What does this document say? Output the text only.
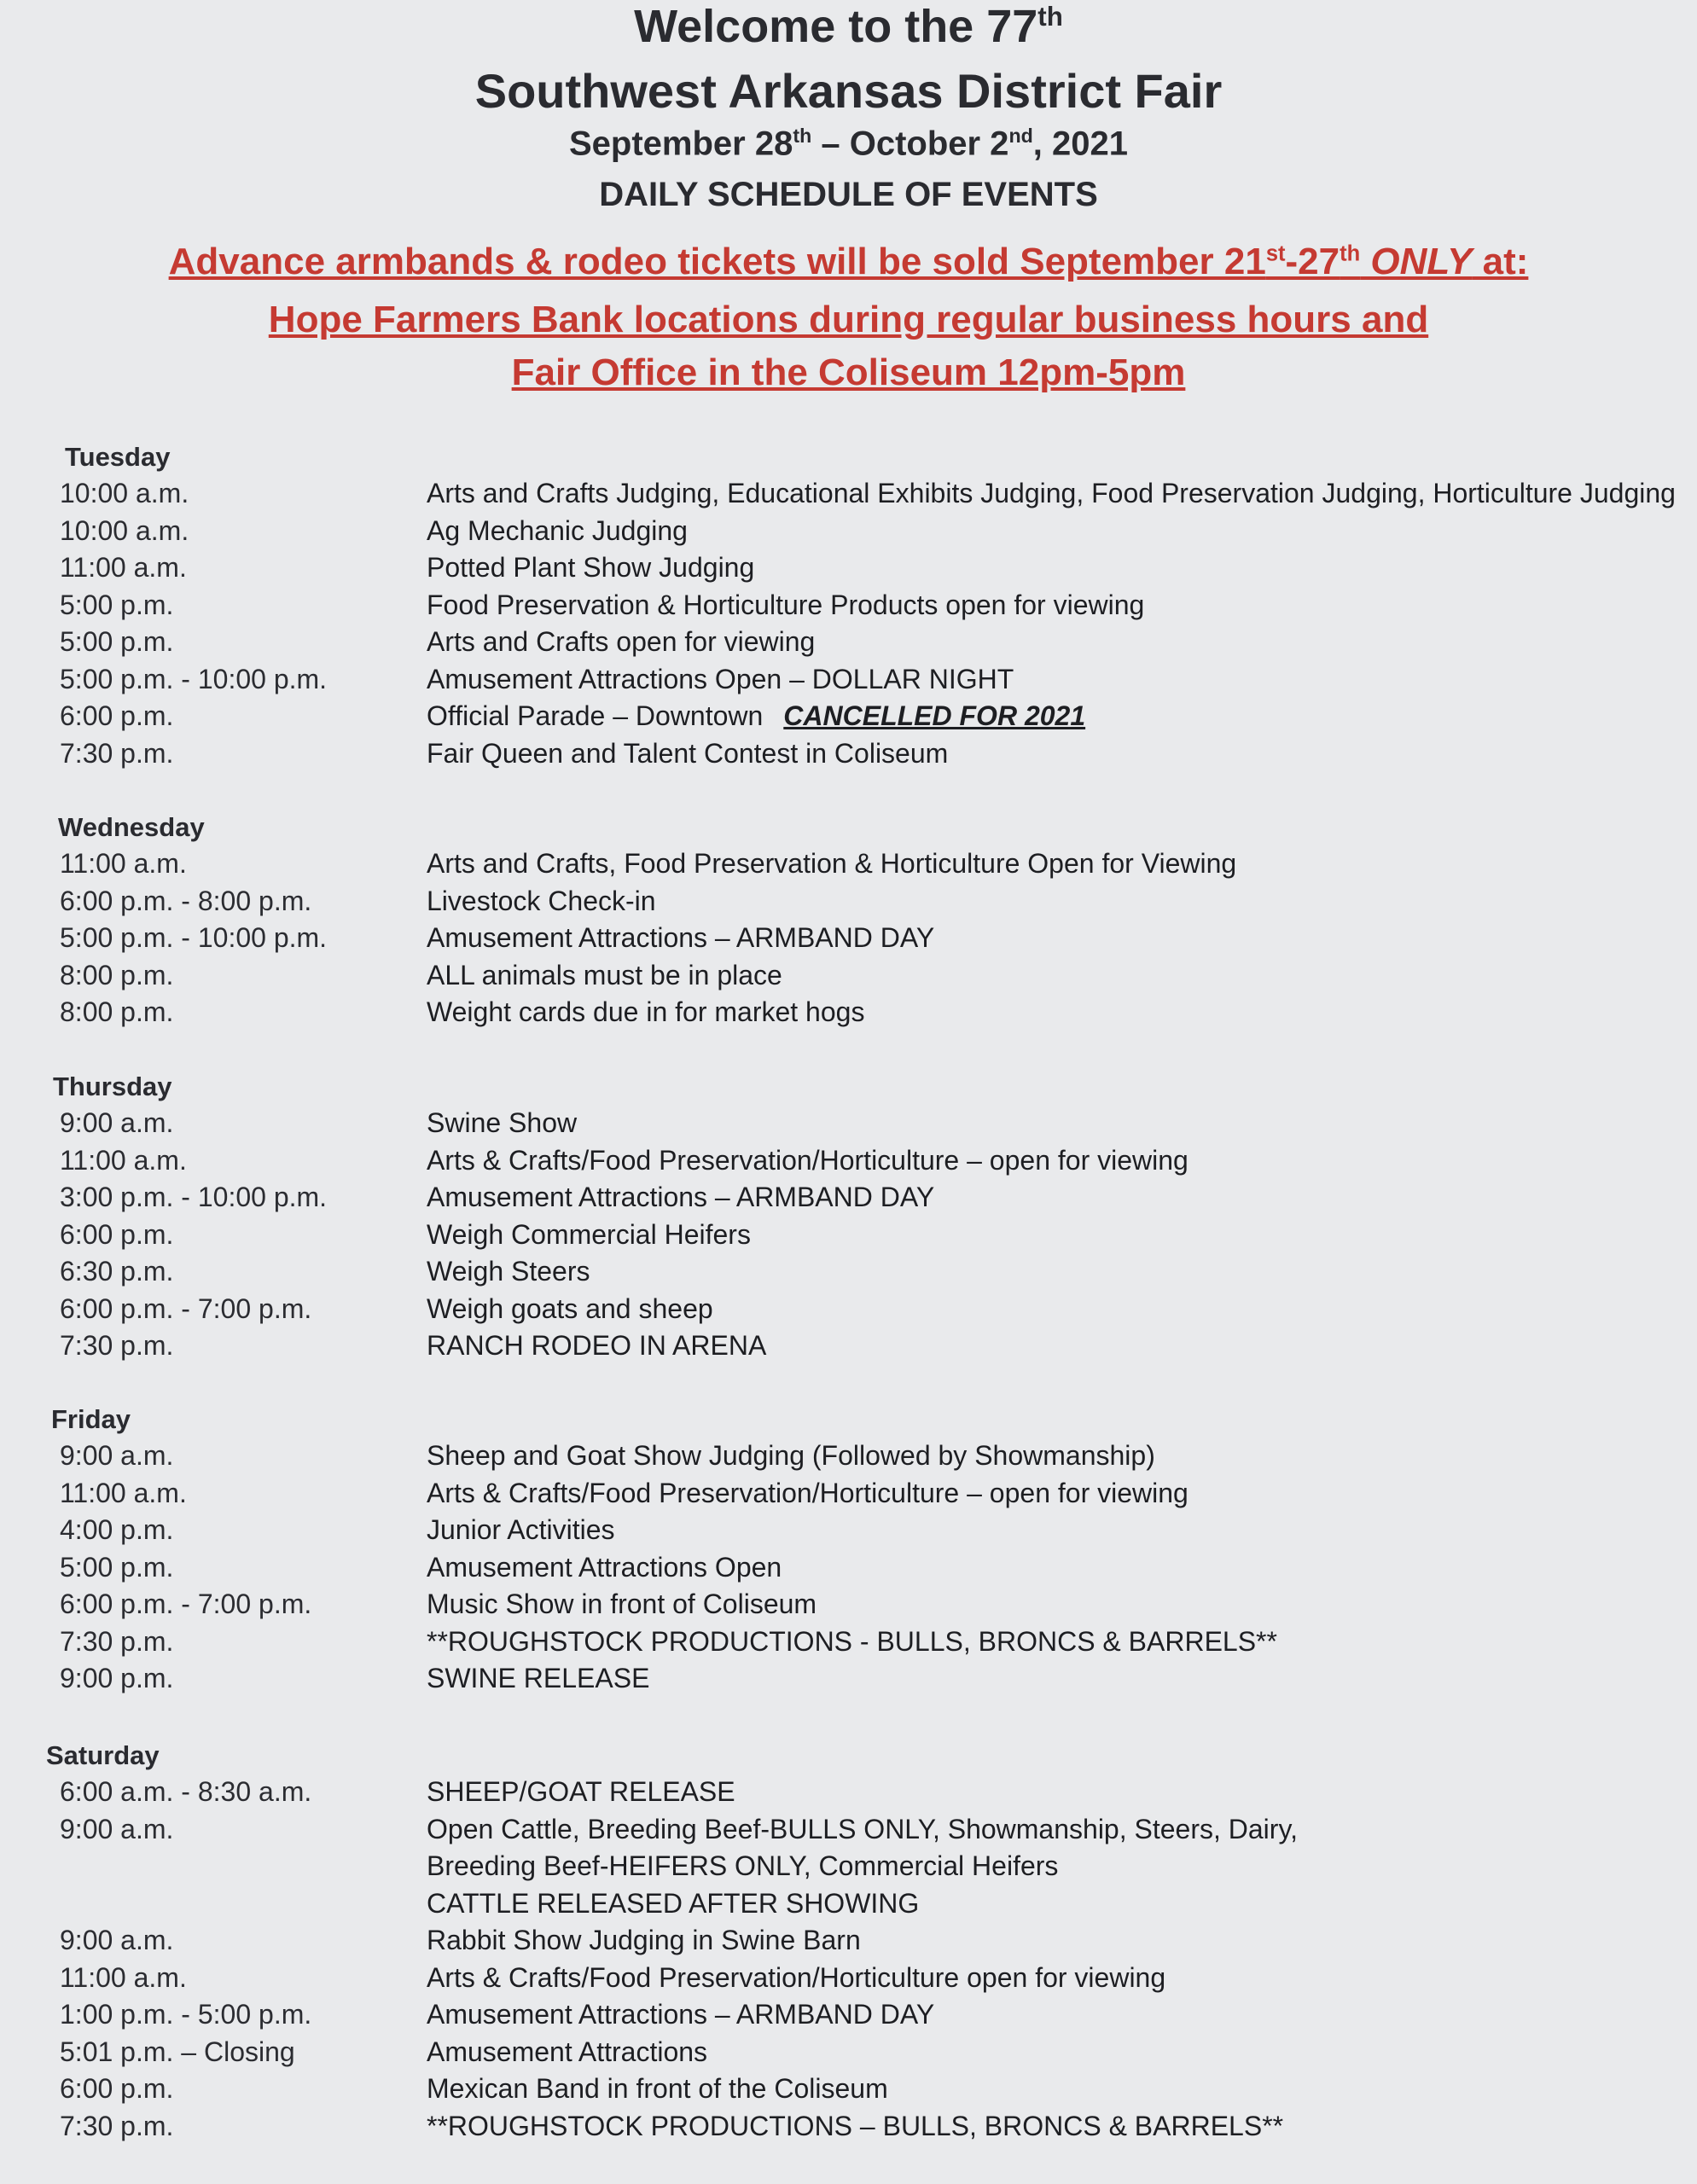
Welcome to the 77th
Southwest Arkansas District Fair
September 28th – October 2nd, 2021
DAILY SCHEDULE OF EVENTS
Advance armbands & rodeo tickets will be sold September 21st-27th ONLY at:
Hope Farmers Bank locations during regular business hours and
Fair Office in the Coliseum 12pm-5pm
Tuesday
10:00 a.m.	Arts and Crafts Judging, Educational Exhibits Judging, Food Preservation Judging, Horticulture Judging
10:00 a.m.	Ag Mechanic Judging
11:00 a.m.	Potted Plant Show Judging
5:00 p.m.	Food Preservation & Horticulture Products open for viewing
5:00 p.m.	Arts and Crafts open for viewing
5:00 p.m. - 10:00 p.m.	Amusement Attractions Open – DOLLAR NIGHT
6:00 p.m.	Official Parade – Downtown CANCELLED FOR 2021
7:30 p.m.	Fair Queen and Talent Contest in Coliseum
Wednesday
11:00 a.m.	Arts and Crafts, Food Preservation & Horticulture Open for Viewing
6:00 p.m. - 8:00 p.m.	Livestock Check-in
5:00 p.m. - 10:00 p.m.	Amusement Attractions – ARMBAND DAY
8:00 p.m.	ALL animals must be in place
8:00 p.m.	Weight cards due in for market hogs
Thursday
9:00 a.m.	Swine Show
11:00 a.m.	Arts & Crafts/Food Preservation/Horticulture – open for viewing
3:00 p.m. - 10:00 p.m.	Amusement Attractions – ARMBAND DAY
6:00 p.m.	Weigh Commercial Heifers
6:30 p.m.	Weigh Steers
6:00 p.m. - 7:00 p.m.	Weigh goats and sheep
7:30 p.m.	RANCH RODEO IN ARENA
Friday
9:00 a.m.	Sheep and Goat Show Judging (Followed by Showmanship)
11:00 a.m.	Arts & Crafts/Food Preservation/Horticulture – open for viewing
4:00 p.m.	Junior Activities
5:00 p.m.	Amusement Attractions Open
6:00 p.m. - 7:00 p.m.	Music Show in front of Coliseum
7:30 p.m.	**ROUGHSTOCK PRODUCTIONS - BULLS, BRONCS & BARRELS**
9:00 p.m.	SWINE RELEASE
Saturday
6:00 a.m. - 8:30 a.m.	SHEEP/GOAT RELEASE
9:00 a.m.	Open Cattle, Breeding Beef-BULLS ONLY, Showmanship, Steers, Dairy,
Breeding Beef-HEIFERS ONLY, Commercial Heifers
CATTLE RELEASED AFTER SHOWING
9:00 a.m.	Rabbit Show Judging in Swine Barn
11:00 a.m.	Arts & Crafts/Food Preservation/Horticulture open for viewing
1:00 p.m. - 5:00 p.m.	Amusement Attractions – ARMBAND DAY
5:01 p.m. – Closing	Amusement Attractions
6:00 p.m.	Mexican Band in front of the Coliseum
7:30 p.m.	**ROUGHSTOCK PRODUCTIONS – BULLS, BRONCS & BARRELS**
